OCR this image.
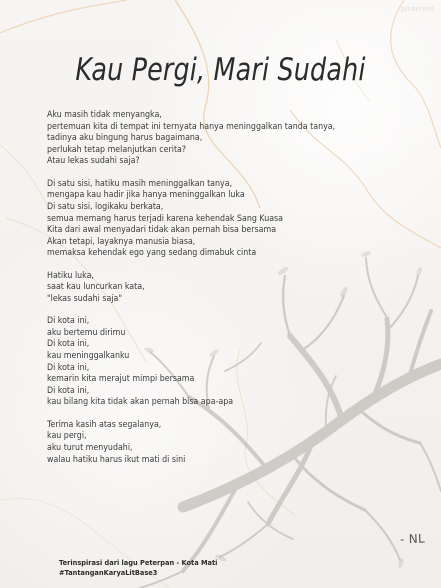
pinterest
Kau Pergi, Mari Sudahi
Aku masih tidak menyangka,
pertemuan kita di tempat ini ternyata hanya meninggalkan tanda tanya,
tadinya aku bingung harus bagaimana,
perlukah tetap melanjutkan cerita?
Atau lekas sudahi saja?
Di satu sisi, hatiku masih meninggalkan tanya,
mengapa kau hadir jika hanya meninggalkan luka
Di satu sisi, logikaku berkata,
semua memang harus terjadi karena kehendak Sang Kuasa
Kita dari awal menyadari tidak akan pernah bisa bersama
Akan tetapi, layaknya manusia biasa,
memaksa kehendak ego yang sedang dimabuk cinta
Hatiku luka,
saat kau luncurkan kata,
"lekas sudahi saja"
Di kota ini,
aku bertemu dirimu
Di kota ini,
kau meninggalkanku
Di kota ini,
kemarin kita merajut mimpi bersama
Di kota ini,
kau bilang kita tidak akan pernah bisa apa-apa
Terima kasih atas segalanya,
kau pergi,
aku turut menyudahi,
walau hatiku harus ikut mati di sini
- NL
Terinspirasi dari lagu Peterpan - Kota Mati
#TantanganKaryaLitBase3
